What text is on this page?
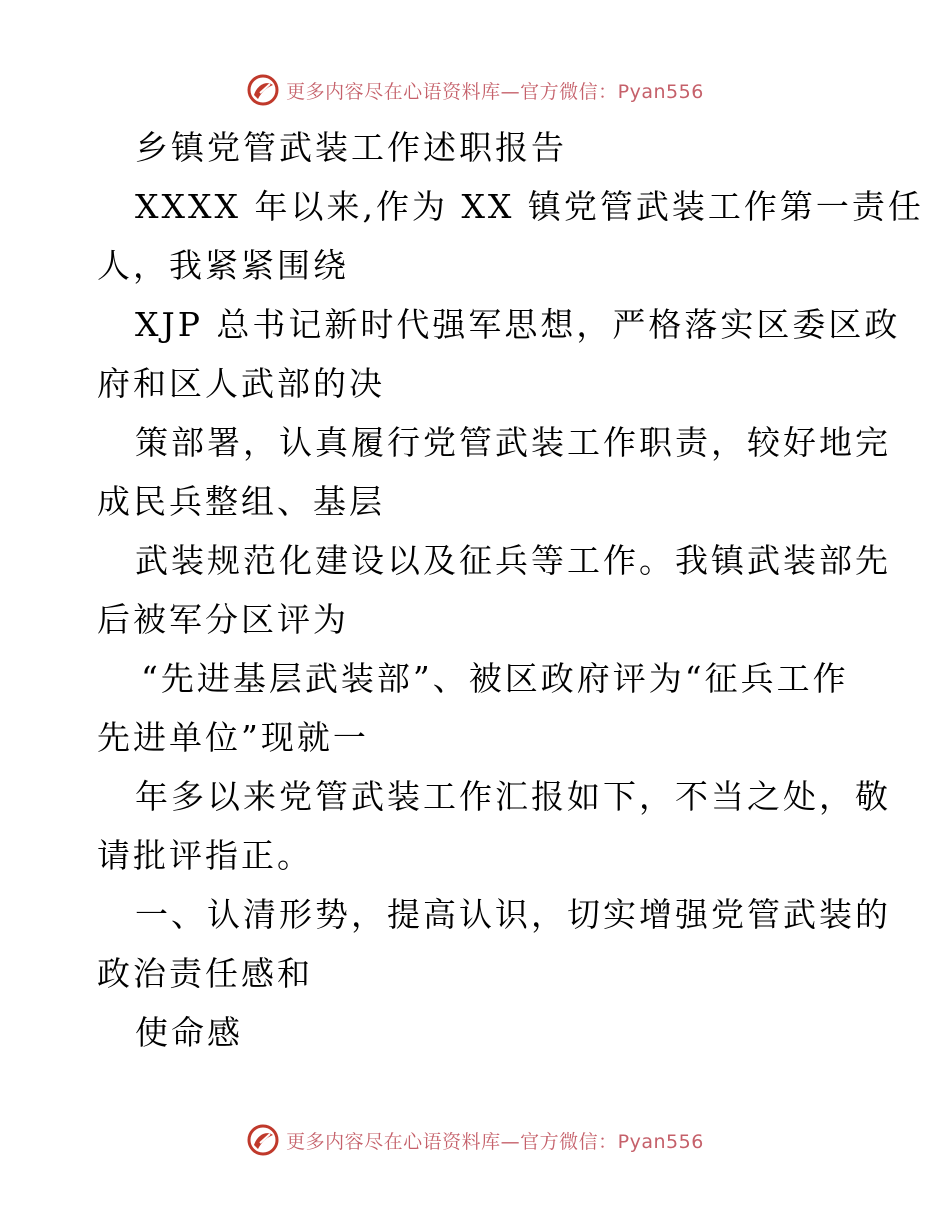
更多内容尽在心语资料库—官方微信：Pyan556
乡镇党管武装工作述职报告
XXXX 年以来,作为 XX 镇党管武装工作第一责任
人，我紧紧围绕
XJP 总书记新时代强军思想，严格落实区委区政
府和区人武部的决
策部署，认真履行党管武装工作职责，较好地完
成民兵整组、基层
武装规范化建设以及征兵等工作。我镇武装部先
后被军分区评为
“先进基层武装部”、被区政府评为“征兵工作
先进单位”现就一
年多以来党管武装工作汇报如下，不当之处，敬
请批评指正。
一、认清形势，提高认识，切实增强党管武装的
政治责任感和
使命感
更多内容尽在心语资料库—官方微信：Pyan556
